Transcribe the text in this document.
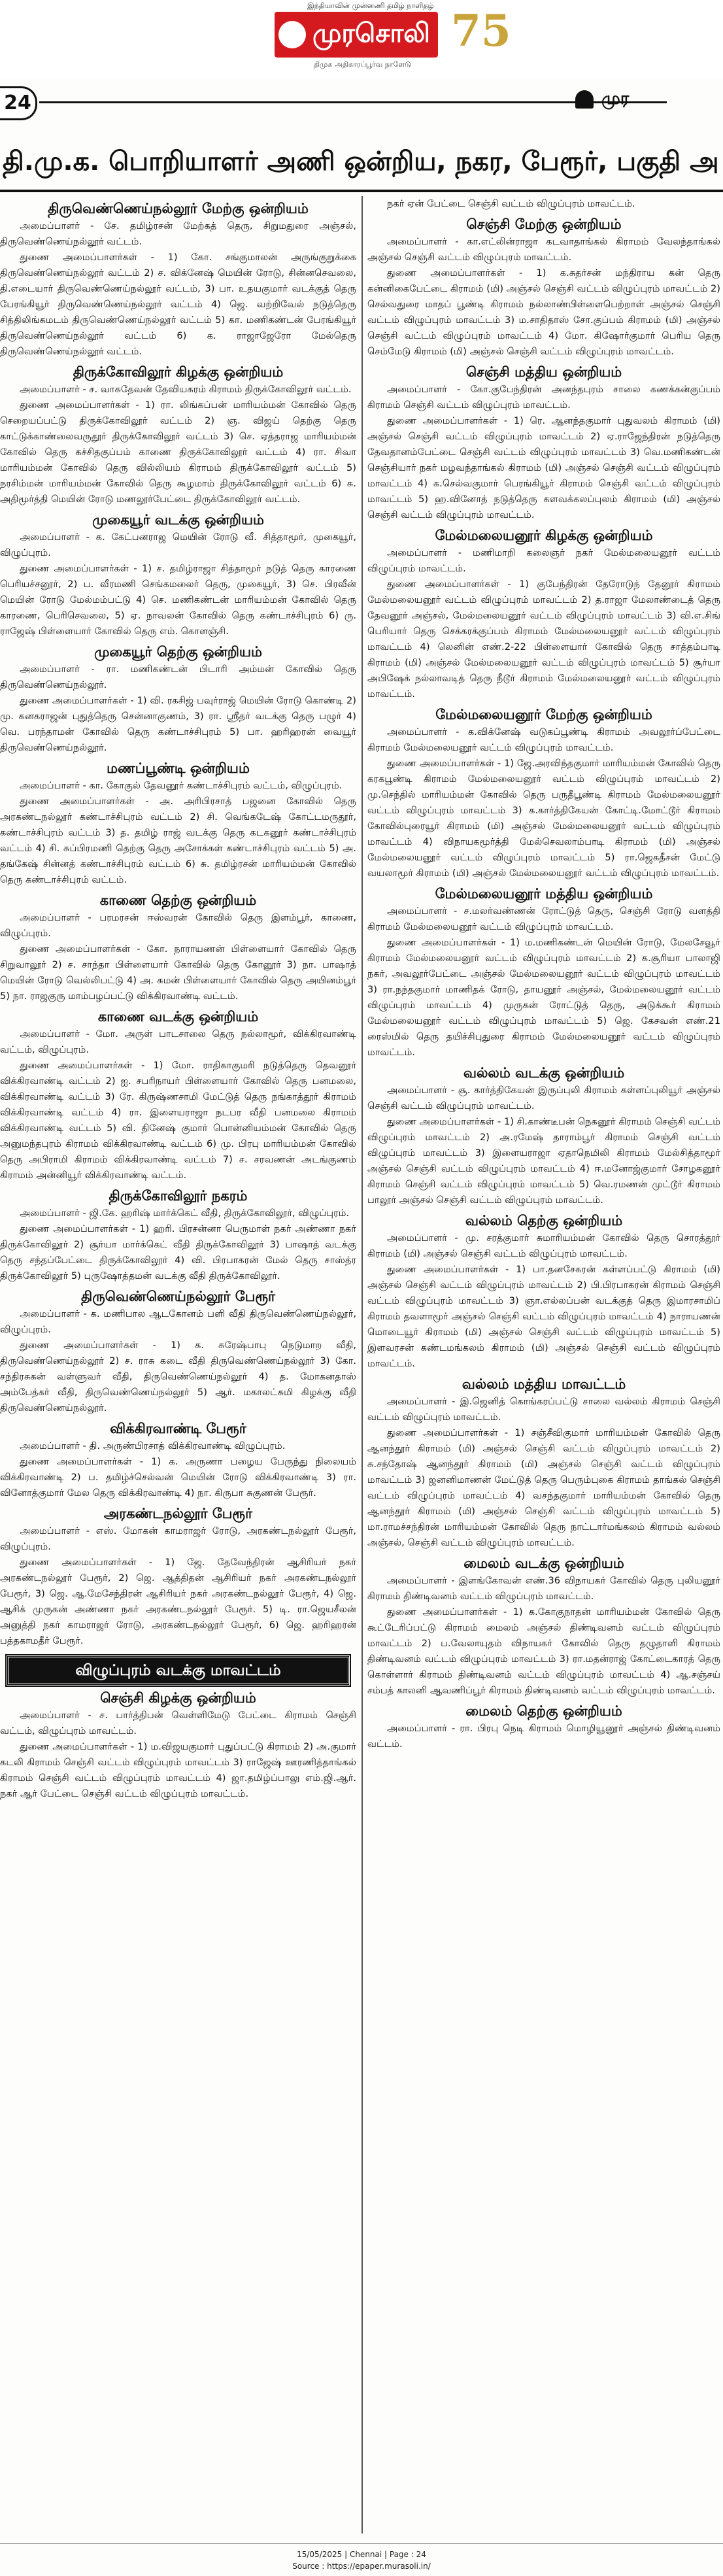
இந்தியாவின் முன்னணி தமிழ் நாளிதழ்
முரசொலி 75
திமுக அதிகாரப்பூர்வ நாளேடு
24	முர
தி.மு.க. பொறியாளர் அணி ஒன்றிய, நகர, பேரூர், பகுதி அ
திருவெண்ணெய்நல்லூர் மேற்கு ஒன்றியம்

அமைப்பாளர் - சே. தமிழ்ரசன் மேற்கத் தெரு, சிறுமதுரை அஞ்சல், திருவெண்ணெய்நல்லூர் வட்டம்.

துணை அமைப்பாளர்கள் - 1) கோ. சங்குமாலன் அருங்குறுக்கை திருவெண்ணெய்நல்லூர் வட்டம் 2) ச. விக்னேஷ் மெயின் ரோடு, சின்னசெவலை, தி.எடையார் திருவெண்ணெய்நல்லூர் வட்டம், 3) பா. உதயகுமார் வடக்குத் தெரு பேரங்கியூர் திருவெண்ணெய்நல்லூர் வட்டம் 4) ஜெ. வற்றிவேல் நடுத்தெரு சித்திலிங்கமடம் திருவெண்ணெய்நல்லூர் வட்டம் 5) கா. மணிகண்டன் பேரங்கியூர் திருவெண்ணெய்நல்லூர் வட்டம் 6) க. ராஜாஜேரோ மேல்தெரு திருவெண்ணெய்நல்லூர் வட்டம்.

திருக்கோவிலூர் கிழக்கு ஒன்றியம்

அமைப்பாளர் - ச. வாசுதேவன் தேவியகரம் கிராமம் திருக்கோவிலூர் வட்டம்.

துணை அமைப்பாளர்கள் - 1) ரா. லிங்கப்பன் மாரியம்மன் கோவில் தெரு செறையப்பட்டு திருக்கோவிலூர் வட்டம் 2) ஞ. விஜய் தெற்கு தெரு காட்டுக்காண்லைவருதூர் திருக்கோவிலூர் வட்டம் 3) செ. ஏத்தராஜ மாரியம்மன் கோவில் தெரு கச்சிதகுப்பம் காணை திருக்கோவிலூர் வட்டம் 4) ரா. சிவா மாரியம்மன் கோவில் தெரு வில்லியம் கிராமம் திருக்கோவிலூர் வட்டம் 5) நரசிம்மன் மாரியம்மன் கோவில் தெரு கூழமாம் திருக்கோவிலூர் வட்டம் 6) சு. அதிமூர்த்தி மெயின் ரோடு மணலூர்பேட்டை திருக்கோவிலூர் வட்டம்.

முகையூர் வடக்கு ஒன்றியம்

அமைப்பாளர் - க. கேட்பனராஜ மெயின் ரோடு வீ. சித்தாமூர், முகையூர், விழுப்புரம்.

துணை அமைப்பாளர்கள் - 1) ச. தமிழ்ராஜா சித்தாமூர் நடுத் தெரு காரணை பெரியச்சனூர், 2) ப. வீரமணி செங்கமலைர் தெரு, முகையூர், 3) செ. பிரவீன் மெயின் ரோடு மேல்மம்பட்டு 4) செ. மணிகண்டன் மாரியம்மன் கோவில் தெரு காரணை, பெரிசெவலை, 5) ஏ. நாவலன் கோவில் தெரு கண்டாச்சிபுரம் 6) ரு. ராஜேஷ் பிள்ளையார் கோவில் தெரு எம். கொளஞ்சி.

முகையூர் தெற்கு ஒன்றியம்

அமைப்பாளர் - ரா. மணிகண்டன் பிடாரி அம்மன் கோவில் தெரு திருவெண்ணெய்நல்லூர்.

துணை அமைப்பாளர்கள் - 1) வி. ரகசிஜ் பவுர்ராஜ் மெயின் ரோடு கொண்டி 2) மு. கனகராஜன் புதுத்தெரு சென்னாகுணம், 3) ரா. ஸ்ரீதர் வடக்கு தெரு பழுர் 4) வெ. பரந்தாமன் கோவில் தெரு கண்டாச்சிபுரம் 5) பா. ஹரிஹரன் வையூர் திருவெண்ணெய்நல்லூர்.

மணப்பூண்டி ஒன்றியம்

அமைப்பாளர் - கா. கோகுல் தேவனூர் கண்டாச்சிபுரம் வட்டம், விழுப்புரம்.

துணை அமைப்பாளர்கள் - அ. அரிபிரசாத் பஜனை கோவில் தெரு அரகண்டநல்லூர் கண்டாச்சிபுரம் வட்டம் 2) சி. வெங்கடேஷ் கோட்டமருதூர், கண்டாச்சிபுரம் வட்டம் 3) த. தமிழ் ராஜ் வடக்கு தெரு கடகனூர் கண்டாச்சிபுரம் வட்டம் 4) சி. சுப்பிரமணி தெற்கு தெரு அசோக்கள் கண்டாச்சிபுரம் வட்டம் 5) அ. தங்கேஷ் சின்னத் கண்டாச்சிபுரம் வட்டம் 6) சு. தமிழ்ரசன் மாரியம்மன் கோவில் தெரு கண்டாச்சிபுரம் வட்டம்.

காணை தெற்கு ஒன்றியம்

அமைப்பாளர் - பரமரசன் ஈஸ்வரன் கோவில் தெரு இளம்பூர், காணை, விழுப்புரம்.

துணை அமைப்பாளர்கள் - கோ. நாராயணன் பிள்ளையார் கோவில் தெரு சிறுவாலூர் 2) ச. சாந்தா பிள்ளையார் கோவில் தெரு கோனூர் 3) நா. பாஷாத் மெயின் ரோடு வெல்லிபட்டு 4) அ. சுமன் பிள்ளையார் கோவில் தெரு அயினம்பூர் 5) நா. ராஜகுரு மாம்பழப்பட்டு விக்கிரவாண்டி வட்டம்.

காணை வடக்கு ஒன்றியம்

அமைப்பாளர் - மோ. அருள் பாடசாலை தெரு நல்லாமூர், விக்கிரவாண்டி வட்டம், விழுப்புரம்.

துணை அமைப்பாளர்கள் - 1) மோ. ராதிகாகுமரி நடுத்தெரு தெவனூர் விக்கிரவாண்டி வட்டம் 2) ஐ. சபரிநாயர் பிள்ளையார் கோவில் தெரு பனமலை, விக்கிரவாண்டி வட்டம் 3) ரே. கிருஷ்ணசாமி மேட்டுத் தெரு நங்காத்தூர் கிராமம் விக்கிரவாண்டி வட்டம் 4) ரா. இளையராஜா நடபர வீதி பனமலை கிராமம் விக்கிரவாண்டி வட்டம் 5) வி. தினேஷ் குமார் பொன்னியம்மன் கோவில் தெரு அனுமந்தபுரம் கிராமம் விக்கிரவாண்டி வட்டம் 6) மு. பிரபு மாரியம்மன் கோவில் தெரு அபிராமி கிராமம் விக்கிரவாண்டி வட்டம் 7) ச. சரவணன் அடங்குணம் கிராமம் அன்னியூர் விக்கிரவாண்டி வட்டம்.

திருக்கோவிலூர் நகரம்

அமைப்பாளர் - ஜி.கே. ஹரிஷ் மார்க்கெட் வீதி, திருக்கோவிலூர், விழுப்புரம்.

துணை அமைப்பாளர்கள் - 1) ஹரி. பிரசன்னா பெருமாள் நகர் அண்ணா நகர் திருக்கோவிலூர் 2) சூர்யா மார்க்கெட் வீதி திருக்கோவிலூர் 3) பாஷாத் வடக்கு தெரு சந்தப்பேட்டை திருக்கோவிலூர் 4) வி. பிரபாகரன் மேல் தெரு சாஸ்த்ர திருக்கோவிலூர் 5) புருஷோத்தமன் வடக்கு வீதி திருக்கோவிலூர்.

திருவெண்ணெய்நல்லூர் பேரூர்

அமைப்பாளர் - க. மணிபால ஆடகோனம் பளி வீதி திருவெண்ணெய்நல்லூர், விழுப்புரம்.

துணை அமைப்பாளர்கள் - 1) க. சுரேஷ்பாபு நெடுமாற வீதி, திருவெண்ணெய்நல்லூர் 2) ச. ராசு கடை வீதி திருவெண்ணெய்நல்லூர் 3) கோ. சந்திரசுகன் வள்ளுவர் வீதி, திருவெண்ணெய்நல்லூர் 4) த. மோகனதாஸ் அம்பேத்கர் வீதி, திருவெண்ணெய்நல்லூர் 5) ஆர். மகாலட்சுமி கிழக்கு வீதி திருவெண்ணெய்நல்லூர்.

விக்கிரவாண்டி பேரூர்

அமைப்பாளர் - தி. அருண்பிரசாத் விக்கிரவாண்டி விழுப்புரம்.

துணை அமைப்பாளர்கள் - 1) க. அருணா பழைய பேருந்து நிலையம் விக்கிரவாண்டி 2) ப. தமிழ்ச்செல்வன் மெயின் ரோடு விக்கிரவாண்டி 3) ரா. வினோத்குமார் மேல தெரு விக்கிரவாண்டி 4) நா. கிருபா சுகுணன் பேரூர்.

அரகண்டநல்லூர் பேரூர்

அமைப்பாளர் - எஸ். மோகன் காமராஜர் ரோடு, அரகண்டநல்லூர் பேரூர், விழுப்புரம்.

துணை அமைப்பாளர்கள் - 1) ஜே. தேவேந்திரன் ஆசிரியர் நகர் அரகண்டநல்லூர் பேரூர், 2) ஜெ. ஆத்திதன் ஆசிரியர் நகர் அரகண்டநல்லூர் பேரூர், 3) ஜெ. ஆ.மேசேந்திரன் ஆசிரியர் நகர் அரகண்டநல்லூர் பேரூர், 4) ஜெ. ஆசிக் முருகன் அண்ணா நகர் அரகண்டநல்லூர் பேரூர். 5) டி. ரா.ஜெயசீலன் அனுத்தி நகர் காமராஜர் ரோடு, அரகண்டநல்லூர் பேரூர், 6) ஜெ. ஹரிஹரன் பத்தகாமதீர் பேரூர்.

விழுப்புரம் வடக்கு மாவட்டம்
செஞ்சி கிழக்கு ஒன்றியம்

அமைப்பாளர் - ச. பார்த்திபன் வெள்ளிமேடு பேட்டை கிராமம் செஞ்சி வட்டம், விழுப்புரம் மாவட்டம்.

துணை அமைப்பாளர்கள் - 1) ம.விஜயகுமார் புதுப்பட்டு கிராமம் 2) அ.குமார் கடலி கிராமம் செஞ்சி வட்டம் விழுப்புரம் மாவட்டம் 3) ராஜேஷ் ஊரணித்தாங்கல் கிராமம் செஞ்சி வட்டம் விழுப்புரம் மாவட்டம் 4) ஜா.தமிழ்ப்பாலு எம்.ஜி.ஆர். நகர் ஆர் பேட்டை செஞ்சி வட்டம் விழுப்புரம் மாவட்டம்.

நகர் ஏன் பேட்டை செஞ்சி வட்டம் விழுப்புரம் மாவட்டம்.

செஞ்சி மேற்கு ஒன்றியம்

அமைப்பாளர் - கா.எட்லின்ராஜா கடவாதாங்கல் கிராமம் வேலந்தாங்கல் அஞ்சல் செஞ்சி வட்டம் விழுப்புரம் மாவட்டம்.

துணை அமைப்பாளர்கள் - 1) க.சுதர்சன் மந்திராய கன் தெரு கன்னிகைபேட்டை கிராமம் (மி) அஞ்சல் செஞ்சி வட்டம் விழுப்புரம் மாவட்டம் 2) செல்வதுரை மாதப் பூண்டி கிராமம் நல்லாண்பிள்ளைபெற்றாள் அஞ்சல் செஞ்சி வட்டம் விழுப்புரம் மாவட்டம் 3) ம.சாதிதாஸ் சோ.குப்பம் கிராமம் (மி) அஞ்சல் செஞ்சி வட்டம் விழுப்புரம் மாவட்டம் 4) மோ. கிஷோர்குமார் பெரிய தெரு செம்மேடு கிராமம் (மி) அஞ்சல் செஞ்சி வட்டம் விழுப்புரம் மாவட்டம்.

செஞ்சி மத்திய ஒன்றியம்

அமைப்பாளர் - கோ.குபேந்திரன் அனந்தபுரம் சாலை கணக்கன்குப்பம் கிராமம் செஞ்சி வட்டம் விழுப்புரம் மாவட்டம்.

துணை அமைப்பாளர்கள் - 1) ரெ. ஆனந்தகுமார் புதுவலம் கிராமம் (மி) அஞ்சல் செஞ்சி வட்டம் விழுப்புரம் மாவட்டம் 2) ஏ.ராஜேந்திரன் நடுத்தெரு தேவதானம்பேட்டை செஞ்சி வட்டம் விழுப்புரம் மாவட்டம் 3) வெ.மணிகண்டன் செஞ்சியார் நகர் மழவந்தாங்கல் கிராமம் (மி) அஞ்சல் செஞ்சி வட்டம் விழுப்புரம் மாவட்டம் 4) க.செல்வகுமார் பெரங்கியூர் கிராமம் செஞ்சி வட்டம் விழுப்புரம் மாவட்டம் 5) ஹ.வினோத் நடுத்தெரு களவக்கலப்புலம் கிராமம் (மி) அஞ்சல் செஞ்சி வட்டம் விழுப்புரம் மாவட்டம்.

மேல்மலையனூர் கிழக்கு ஒன்றியம்

அமைப்பாளர் - மணிமாறி கலைஞர் நகர் மேல்மலையனூர் வட்டம் விழுப்புரம் மாவட்டம்.

துணை அமைப்பாளர்கள் - 1) குபேந்திரன் தேரோடுந் தேனூர் கிராமம் மேல்மலையனூர் வட்டம் விழுப்புரம் மாவட்டம் 2) த.ராஜா மேலாண்டைத் தெரு தேவனூர் அஞ்சல், மேல்மலையனூர் வட்டம் விழுப்புரம் மாவட்டம் 3) வி.எ.சிங் பெரியார் தெரு செக்கரக்குப்பம் கிராமம் மேல்மலையனூர் வட்டம் விழுப்புரம் மாவட்டம் 4) லெனின் எண்.2-22 பிள்ளையார் கோவில் தெரு சாத்தம்பாடி கிராமம் (மி) அஞ்சல் மேல்மலையனூர் வட்டம் விழுப்புரம் மாவட்டம் 5) சூர்யா அபிஷேக் நல்லாவடித் தெரு நீடூர் கிராமம் மேல்மலையனூர் வட்டம் விழுப்புரம் மாவட்டம்.

மேல்மலையனூர் மேற்கு ஒன்றியம்

அமைப்பாளர் - க.விக்னேஷ் வடுகப்பூண்டி கிராமம் அவலூர்ப்பேட்டை கிராமம் மேல்மலையனூர் வட்டம் விழுப்புரம் மாவட்டம்.

துணை அமைப்பாளர்கள் - 1) ஜே.அரவிந்தகுமார் மாரியம்மன் கோவில் தெரு கரகபூண்டி கிராமம் மேல்மலையனூர் வட்டம் விழுப்புரம் மாவட்டம் 2) மு.செந்தில் மாரியம்மன் கோவில் தெரு பருதீபூண்டி கிராமம் மேல்மலையனூர் வட்டம் விழுப்புரம் மாவட்டம் 3) க.கார்த்திகேயன் கோட்டி.மோட்டூர் கிராமம் கோவில்புரையூர் கிராமம் (மி) அஞ்சல் மேல்மலையனூர் வட்டம் விழுப்புரம் மாவட்டம் 4) விநாயகமூர்த்தி மேல்செவலாம்பாடி கிராமம் (மி) அஞ்சல் மேல்மலையனூர் வட்டம் விழுப்புரம் மாவட்டம் 5) ரா.ஜெகதீசன் மேட்டு வயலாமூர் கிராமம் (மி) அஞ்சல் மேல்மலையனூர் வட்டம் விழுப்புரம் மாவட்டம்.

மேல்மலையனூர் மத்திய ஒன்றியம்

அமைப்பாளர் - ச.மலர்வண்ணன் ரோட்டுத் தெரு, செஞ்சி ரோடு வளத்தி கிராமம் மேல்மலையனூர் வட்டம் விழுப்புரம் மாவட்டம்.

துணை அமைப்பாளர்கள் - 1) ம.மணிகண்டன் மெயின் ரோடு, மேலசேவூர் கிராமம் மேல்மலையனூர் வட்டம் விழுப்புரம் மாவட்டம் 2) க.சூரியா பாலாஜி நகர், அவலூர்பேட்டை அஞ்சல் மேல்மலையனூர் வட்டம் விழுப்புரம் மாவட்டம் 3) ரா.நந்தகுமார் மாணிதக் ரோடு, தாயனூர் அஞ்சல், மேல்மலையனூர் வட்டம் விழுப்புரம் மாவட்டம் 4) முருகன் ரோட்டுத் தெரு, அடுக்கூர் கிராமம் மேல்மலையனூர் வட்டம் விழுப்புரம் மாவட்டம் 5) ஜெ. கேசவன் எண்.21 ரைஸ்மில் தெரு தயிச்சிபுதுரை கிராமம் மேல்மலையனூர் வட்டம் விழுப்புரம் மாவட்டம்.

வல்லம் வடக்கு ஒன்றியம்

அமைப்பாளர் - சூ. கார்த்திகேயன் இருப்புலி கிராமம் கள்ளப்புலியூர் அஞ்சல் செஞ்சி வட்டம் விழுப்புரம் மாவட்டம்.

துணை அமைப்பாளர்கள் - 1) சி.காண்டீபன் நெகனூர் கிராமம் செஞ்சி வட்டம் விழுப்புரம் மாவட்டம் 2) அ.ரமேஷ் தாராம்பூர் கிராமம் செஞ்சி வட்டம் விழுப்புரம் மாவட்டம் 3) இளையராஜா ஏதாநெமிலி கிராமம் மேல்சித்தாமூர் அஞ்சல் செஞ்சி வட்டம் விழுப்புரம் மாவட்டம் 4) ஈ.மனோஜ்குமார் சோழகனூர் கிராமம் செஞ்சி வட்டம் விழுப்புரம் மாவட்டம் 5) வெ.ரமணன் முட்டூர் கிராமம் பாலூர் அஞ்சல் செஞ்சி வட்டம் விழுப்புரம் மாவட்டம்.

வல்லம் தெற்கு ஒன்றியம்

அமைப்பாளர் - மு. சரத்குமார் சுமாரியம்மன் கோவில் தெரு சொரத்தூர் கிராமம் (மி) அஞ்சல் செஞ்சி வட்டம் விழுப்புரம் மாவட்டம்.

துணை அமைப்பாளர்கள் - 1) பா.தனசேகரன் கள்ளப்பட்டு கிராமம் (மி) அஞ்சல் செஞ்சி வட்டம் விழுப்புரம் மாவட்டம் 2) பி.பிரபாகரன் கிராமம் செஞ்சி வட்டம் விழுப்புரம் மாவட்டம் 3) ஞா.எல்லப்பன் வடக்குத் தெரு இமாரசாமிப் கிராமம் தவளாமூர் அஞ்சல் செஞ்சி வட்டம் விழுப்புரம் மாவட்டம் 4) நாராயணன் மொடையூர் கிராமம் (மி) அஞ்சல் செஞ்சி வட்டம் விழுப்புரம் மாவட்டம் 5) இளவரசன் கண்டமங்கலம் கிராமம் (மி) அஞ்சல் செஞ்சி வட்டம் விழுப்புரம் மாவட்டம்.

வல்லம் மத்திய மாவட்டம்

அமைப்பாளர் - இ.ஜெனித் கொங்கரப்பட்டு சாலை வல்லம் கிராமம் செஞ்சி வட்டம் விழுப்புரம் மாவட்டம்.

துணை அமைப்பாளர்கள் - 1) சஞ்சீவிகுமார் மாரியம்மன் கோவில் தெரு ஆனந்தூர் கிராமம் (மி) அஞ்சல் செஞ்சி வட்டம் விழுப்புரம் மாவட்டம் 2) சு.சந்தோஷ் ஆனந்தூர் கிராமம் (மி) அஞ்சல் செஞ்சி வட்டம் விழுப்புரம் மாவட்டம் 3) ஜனனிமாணன் மேட்டுத் தெரு பெரும்புகை கிராமம் தாங்கல் செஞ்சி வட்டம் விழுப்புரம் மாவட்டம் 4) வசந்தகுமார் மாரியம்மன் கோவில் தெரு ஆனந்தூர் கிராமம் (மி) அஞ்சல் செஞ்சி வட்டம் விழுப்புரம் மாவட்டம் 5) மா.ராமச்சந்திரன் மாரியம்மன் கோவில் தெரு நாட்டார்மங்கலம் கிராமம் வல்லம் அஞ்சல், செஞ்சி வட்டம் விழுப்புரம் மாவட்டம்.

மைலம் வடக்கு ஒன்றியம்

அமைப்பாளர் - இளங்கோவன் எண்.36 விநாயகர் கோவில் தெரு புலியனூர் கிராமம் திண்டிவனம் வட்டம் விழுப்புரம் மாவட்டம்.

துணை அமைப்பாளர்கள் - 1) க.கோகுநாதன் மாரியம்மன் கோவில் தெரு கூட்டேரிப்பட்டு கிராமம் மைலம் அஞ்சல் திண்டிவனம் வட்டம் விழுப்புரம் மாவட்டம் 2) ப.வேலாயுதம் விநாயகர் கோவில் தெரு தழுதாளி கிராமம் திண்டிவனம் வட்டம் விழுப்புரம் மாவட்டம் 3) ரா.மதன்ராஜ் கோட்டைகாரத் தெரு கொள்ளார் கிராமம் திண்டிவனம் வட்டம் விழுப்புரம் மாவட்டம் 4) ஆ.சஞ்சய் சம்பத் காலனி ஆவணிப்பூர் கிராமம் திண்டிவனம் வட்டம் விழுப்புரம் மாவட்டம்.

மைலம் தெற்கு ஒன்றியம்

அமைப்பாளர் - ரா. பிரபு நெடி கிராமம் மொழியூனூர் அஞ்சல் திண்டிவனம் வட்டம்.

15/05/2025 | Chennai | Page : 24
Source : https://epaper.murasoli.in/
